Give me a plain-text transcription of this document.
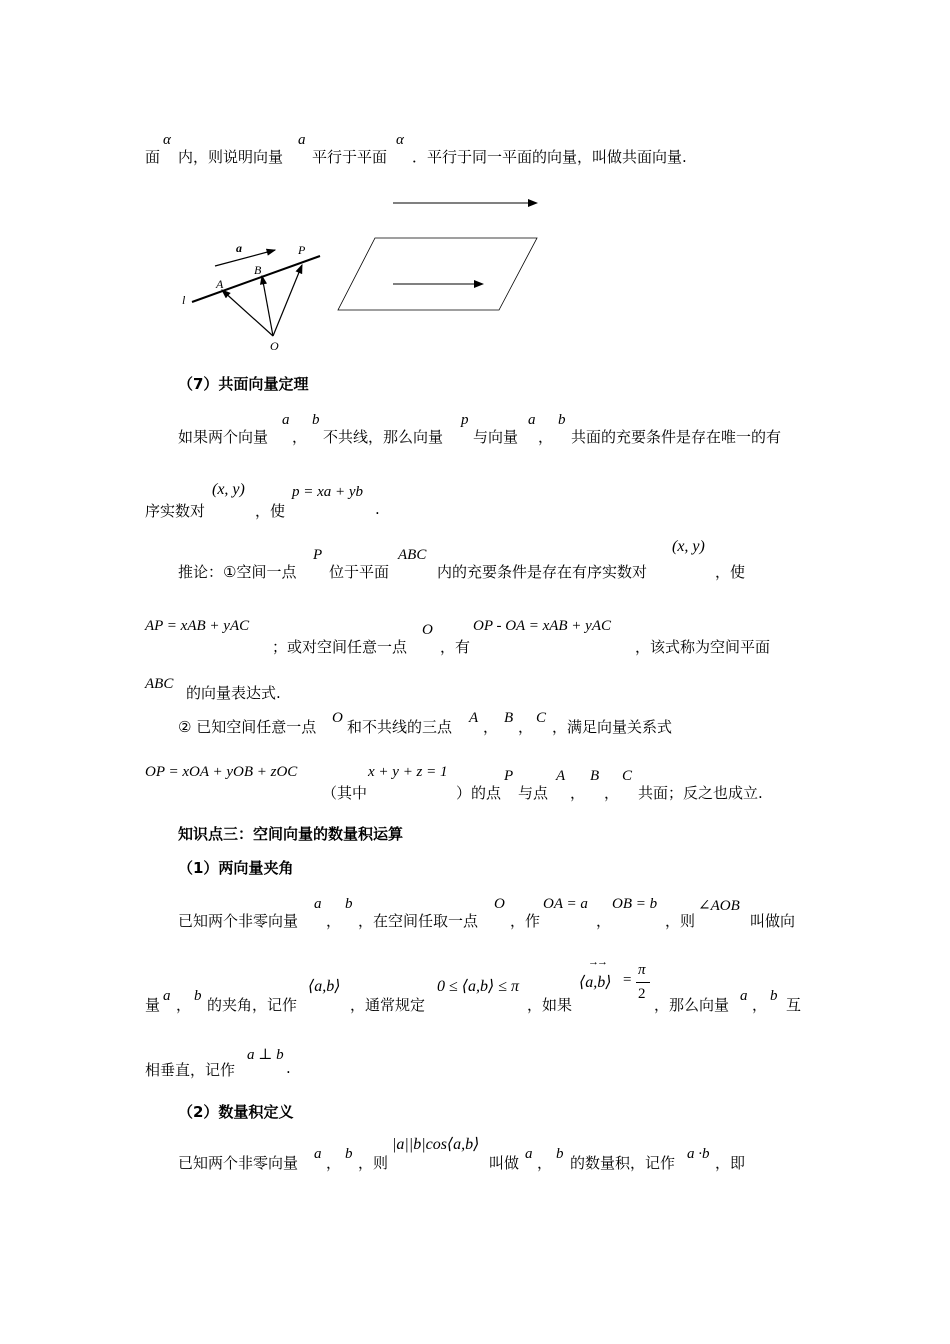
面
α
内，则说明向量
a
平行于平面
α
．平行于同一平面的向量，叫做共面向量.
a
A
B
P
l
O
（7）共面向量定理
如果两个向量
a
，
b
不共线，那么向量
p
与向量
a
，
b
共面的充要条件是存在唯一的有
序实数对
(x, y)
，使
p = xa + yb
.
推论：①空间一点
P
位于平面
ABC
内的充要条件是存在有序实数对
(x, y)
，使
AP = xAB + yAC
；或对空间任意一点
O
，有
OP - OA = xAB + yAC
，该式称为空间平面
ABC 的向量表达式.
② 已知空间任意一点 O 和不共线的三点 A ， B ， C ，满足向量关系式
OP = xOA + yOB + zOC
（其中
x + y + z = 1
）的点
P
与点
A
，
B
，
C
共面；反之也成立.
知识点三：空间向量的数量积运算
（1）两向量夹角
已知两个非零向量
a
，
b
，在空间任取一点
O
，作
OA = a
，
OB = b
，则
∠AOB
叫做向
量 a ， b 的夹角，记作
⟨a,b⟩
，通常规定
0 ≤ ⟨a,b⟩ ≤ π
，如果
→→
⟨a,b⟩ =
π
2
，那么向量 a ， b 互
相垂直，记作
a ⊥ b
.
（2）数量积定义
已知两个非零向量 a ， b ，则
|a||b|cos⟨a,b⟩
叫做 a ， b 的数量积，记作 a ·b ，即
